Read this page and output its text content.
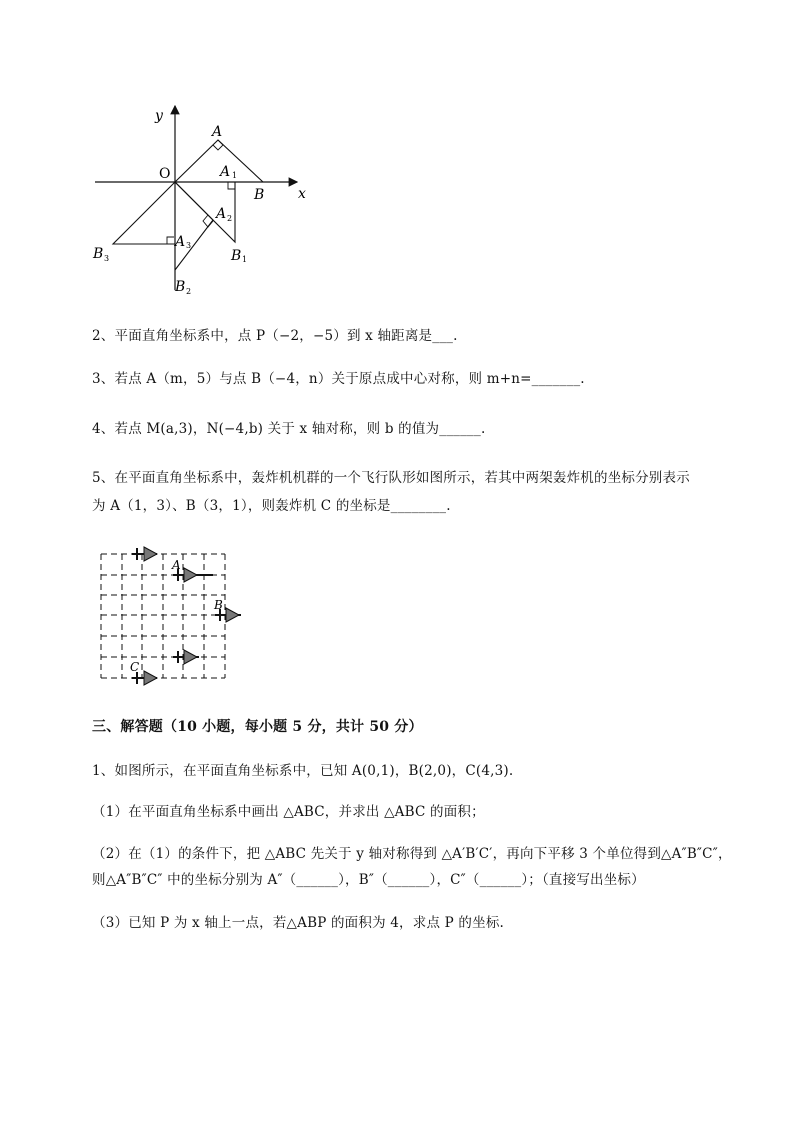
y
x
O
A
B
A 1
B 1
A 2
B 2
A 3
B 3
2、平面直角坐标系中，点 P（−2，−5）到 x 轴距离是___.
3、若点 A（m，5）与点 B（−4，n）关于原点成中心对称，则 m+n=_______.
4、若点 M(a,3)，N(−4,b) 关于 x 轴对称，则 b 的值为______.
5、在平面直角坐标系中，轰炸机机群的一个飞行队形如图所示，若其中两架轰炸机的坐标分别表示
为 A（1，3）、B（3，1），则轰炸机 C 的坐标是________.
A
B
C
三、解答题（10 小题，每小题 5 分，共计 50 分）
1、如图所示，在平面直角坐标系中，已知 A(0,1)，B(2,0)，C(4,3).
（1）在平面直角坐标系中画出 △ABC，并求出 △ABC 的面积；
（2）在（1）的条件下，把 △ABC 先关于 y 轴对称得到 △A′B′C′，再向下平移 3 个单位得到△A″B″C″，
则△A″B″C″ 中的坐标分别为 A″（______），B″（______），C″（______）；（直接写出坐标）
（3）已知 P 为 x 轴上一点，若△ABP 的面积为 4，求点 P 的坐标.
